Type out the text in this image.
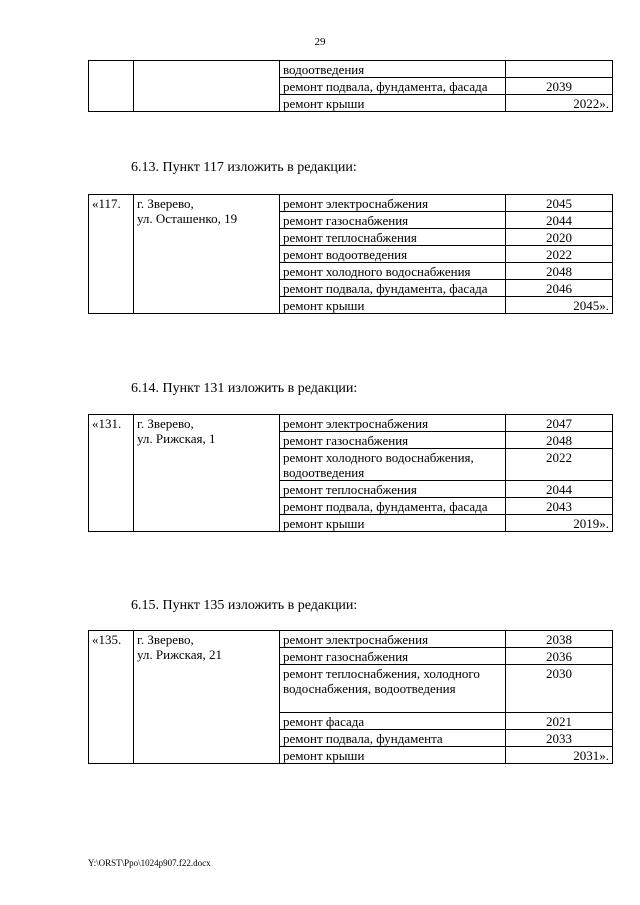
29
		водоотведения	
		ремонт подвала, фундамента, фасада	2039
		ремонт крыши	2022».
6.13. Пункт 117 изложить в редакции:
«117.	г. Зверево,
ул. Осташенко, 19	ремонт электроснабжения	2045
		ремонт газоснабжения	2044
		ремонт теплоснабжения	2020
		ремонт водоотведения	2022
		ремонт холодного водоснабжения	2048
		ремонт подвала, фундамента, фасада	2046
		ремонт крыши	2045».
6.14. Пункт 131 изложить в редакции:
«131.	г. Зверево,
ул. Рижская, 1	ремонт электроснабжения	2047
		ремонт газоснабжения	2048
		ремонт холодного водоснабжения, водоотведения	2022
		ремонт теплоснабжения	2044
		ремонт подвала, фундамента, фасада	2043
		ремонт крыши	2019».
6.15. Пункт 135 изложить в редакции:
«135.	г. Зверево,
ул. Рижская, 21	ремонт электроснабжения	2038
		ремонт газоснабжения	2036
		ремонт теплоснабжения, холодного водоснабжения, водоотведения	2030
		ремонт фасада	2021
		ремонт подвала, фундамента	2033
		ремонт крыши	2031».
Y:\ORST\Ppo\1024p907.f22.docx
